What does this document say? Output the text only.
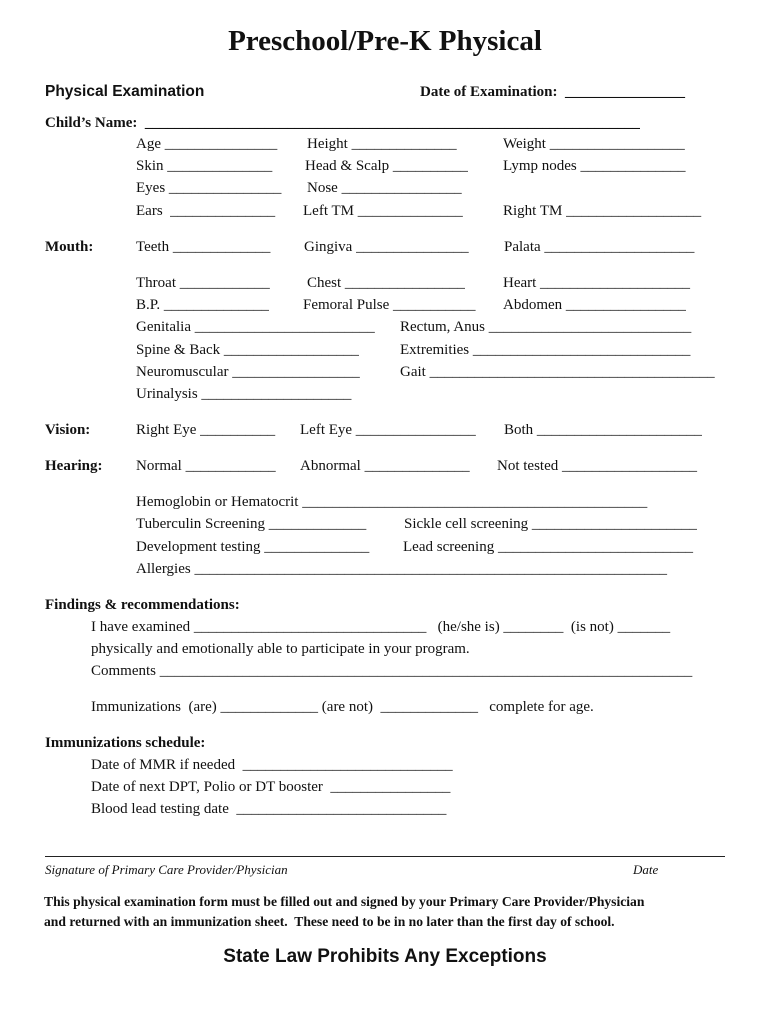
Preschool/Pre-K Physical
Physical Examination	Date of Examination:  ________________
Child’s Name:  __________________________________________________________________
Age _______________ Height ______________	Weight __________________
Skin ______________ Head & Scalp __________ Lymp nodes ______________
Eyes _______________ Nose ________________
Ears  ______________ Left TM ______________	Right TM __________________
Mouth:	Teeth _____________ Gingiva _______________ Palata ____________________
Throat ____________ Chest ________________	Heart ____________________
B.P. ______________ Femoral Pulse ___________ Abdomen ________________
Genitalia ________________________ Rectum, Anus ___________________________
Spine & Back __________________	Extremities _____________________________
Neuromuscular _________________	Gait ______________________________________
Urinalysis ____________________
Vision:	Right Eye __________ Left Eye ________________ Both ______________________
Hearing: Normal ____________ Abnormal ______________ Not tested __________________
Hemoglobin or Hematocrit ______________________________________________
Tuberculin Screening _____________	Sickle cell screening ______________________
Development testing ______________ Lead screening __________________________
Allergies _______________________________________________________________
Findings & recommendations:
I have examined _______________________________   (he/she is) ________  (is not) _______
physically and emotionally able to participate in your program.
Comments _______________________________________________________________________
Immunizations  (are) _____________ (are not)  _____________   complete for age.
Immunizations schedule:
Date of MMR if needed  ____________________________
Date of next DPT, Polio or DT booster  ________________
Blood lead testing date  ____________________________
Signature of Primary Care Provider/Physician	Date
This physical examination form must be filled out and signed by your Primary Care Provider/Physician
and returned with an immunization sheet.  These need to be in no later than the first day of school.
State Law Prohibits Any Exceptions
